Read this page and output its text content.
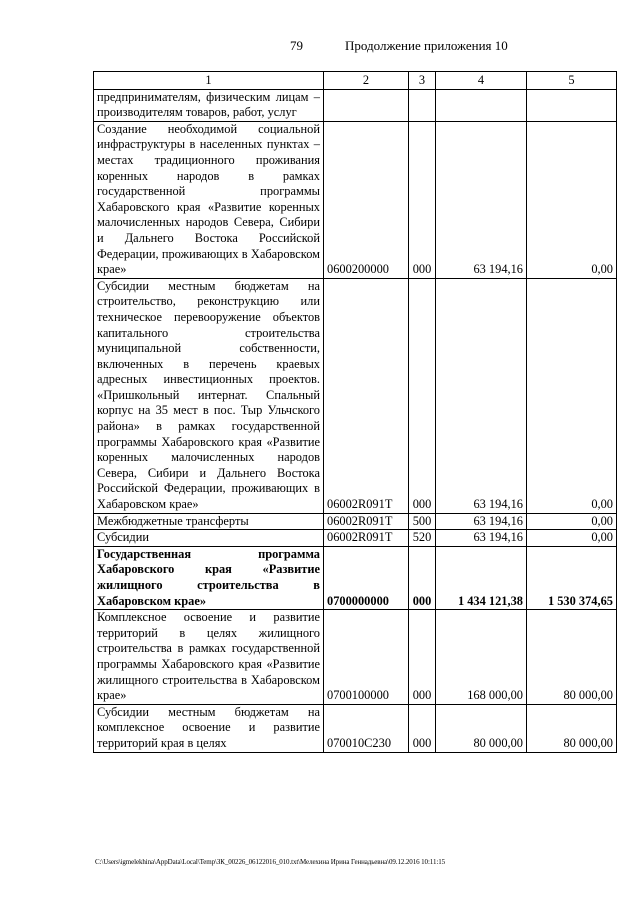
79	Продолжение приложения 10
1	2	3	4	5
предпринимателям, физическим лицам – производителям товаров, работ, услуг				
Создание необходимой социальной инфраструктуры в населенных пунктах – местах традиционного проживания коренных народов в рамках государственной программы Хабаровского края «Развитие коренных малочисленных народов Севера, Сибири и Дальнего Востока Российской Федерации, проживающих в Хабаровском крае»	0600200000	000	63 194,16	0,00
Субсидии местным бюджетам на строительство, реконструкцию или техническое перевооружение объектов капитального строительства муниципальной собственности, включенных в перечень краевых адресных инвестиционных проектов. «Пришкольный интернат. Спальный корпус на 35 мест в пос. Тыр Ульчского района» в рамках государственной программы Хабаровского края «Развитие коренных малочисленных народов Севера, Сибири и Дальнего Востока Российской Федерации, проживающих в Хабаровском крае»	06002R091T	000	63 194,16	0,00
Межбюджетные трансферты	06002R091T	500	63 194,16	0,00
Субсидии	06002R091T	520	63 194,16	0,00
Государственная программа Хабаровского края «Развитие жилищного строительства в Хабаровском крае»	0700000000	000	1 434 121,38	1 530 374,65
Комплексное освоение и развитие территорий в целях жилищного строительства в рамках государственной программы Хабаровского края «Развитие жилищного строительства в Хабаровском крае»	0700100000	000	168 000,00	80 000,00
Субсидии местным бюджетам на комплексное освоение и развитие территорий края в целях	070010C230	000	80 000,00	80 000,00
C:\Users\igmelekhina\AppData\Local\Temp\ЗК_00226_06122016_010.txt\Мелехина Ирина Геннадьевна\09.12.2016 10:11:15
